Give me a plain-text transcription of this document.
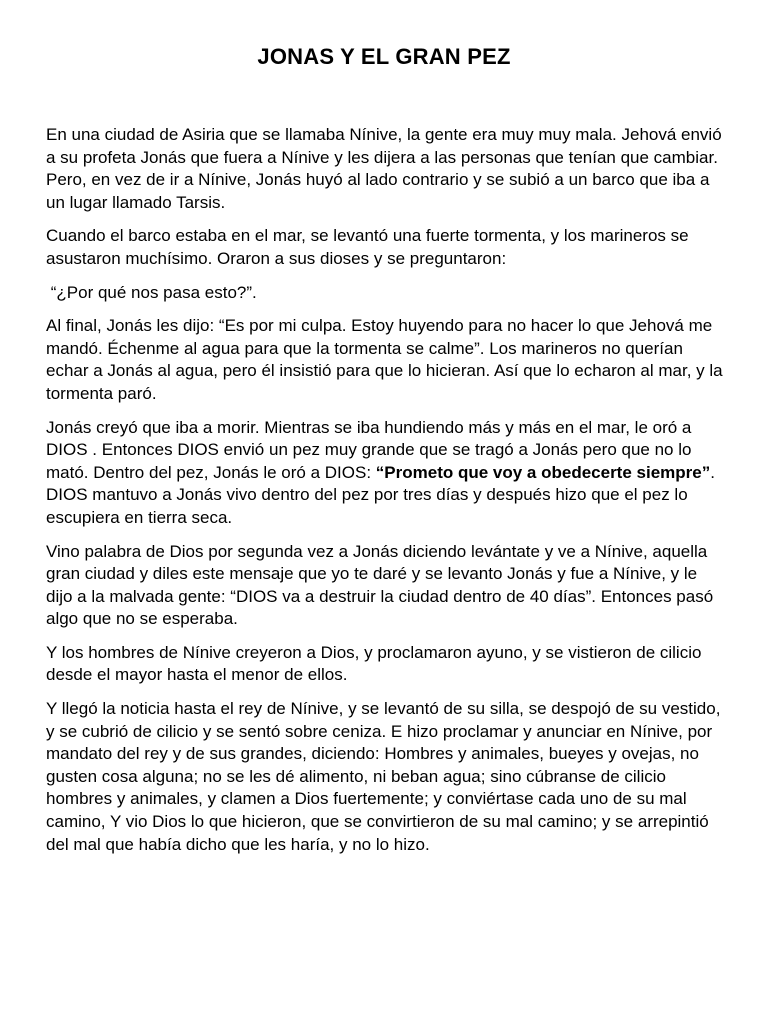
JONAS Y EL GRAN PEZ

En una ciudad de Asiria que se llamaba Nínive, la gente era muy muy mala. Jehová envió a su profeta Jonás que fuera a Nínive y les dijera a las personas que tenían que cambiar. Pero, en vez de ir a Nínive, Jonás huyó al lado contrario y se subió a un barco que iba a un lugar llamado Tarsis.

Cuando el barco estaba en el mar, se levantó una fuerte tormenta, y los marineros se asustaron muchísimo. Oraron a sus dioses y se preguntaron:

“¿Por qué nos pasa esto?”.

Al final, Jonás les dijo: “Es por mi culpa. Estoy huyendo para no hacer lo que Jehová me mandó. Échenme al agua para que la tormenta se calme”. Los marineros no querían echar a Jonás al agua, pero él insistió para que lo hicieran. Así que lo echaron al mar, y la tormenta paró.

Jonás creyó que iba a morir. Mientras se iba hundiendo más y más en el mar, le oró a DIOS . Entonces DIOS envió un pez muy grande que se tragó a Jonás pero que no lo mató. Dentro del pez, Jonás le oró a DIOS: “Prometo que voy a obedecerte siempre”. DIOS mantuvo a Jonás vivo dentro del pez por tres días y después hizo que el pez lo escupiera en tierra seca.

Vino palabra de Dios por segunda vez a Jonás diciendo levántate y ve a Nínive, aquella gran ciudad y diles este mensaje que yo te daré y se levanto Jonás y fue a Nínive, y le dijo a la malvada gente: “DIOS va a destruir la ciudad dentro de 40 días”. Entonces pasó algo que no se esperaba.

Y los hombres de Nínive creyeron a Dios, y proclamaron ayuno, y se vistieron de cilicio desde el mayor hasta el menor de ellos.

Y llegó la noticia hasta el rey de Nínive, y se levantó de su silla, se despojó de su vestido, y se cubrió de cilicio y se sentó sobre ceniza. E hizo proclamar y anunciar en Nínive, por mandato del rey y de sus grandes, diciendo: Hombres y animales, bueyes y ovejas, no gusten cosa alguna; no se les dé alimento, ni beban agua; sino cúbranse de cilicio hombres y animales, y clamen a Dios fuertemente; y conviértase cada uno de su mal camino, Y vio Dios lo que hicieron, que se convirtieron de su mal camino; y se arrepintió del mal que había dicho que les haría, y no lo hizo.
